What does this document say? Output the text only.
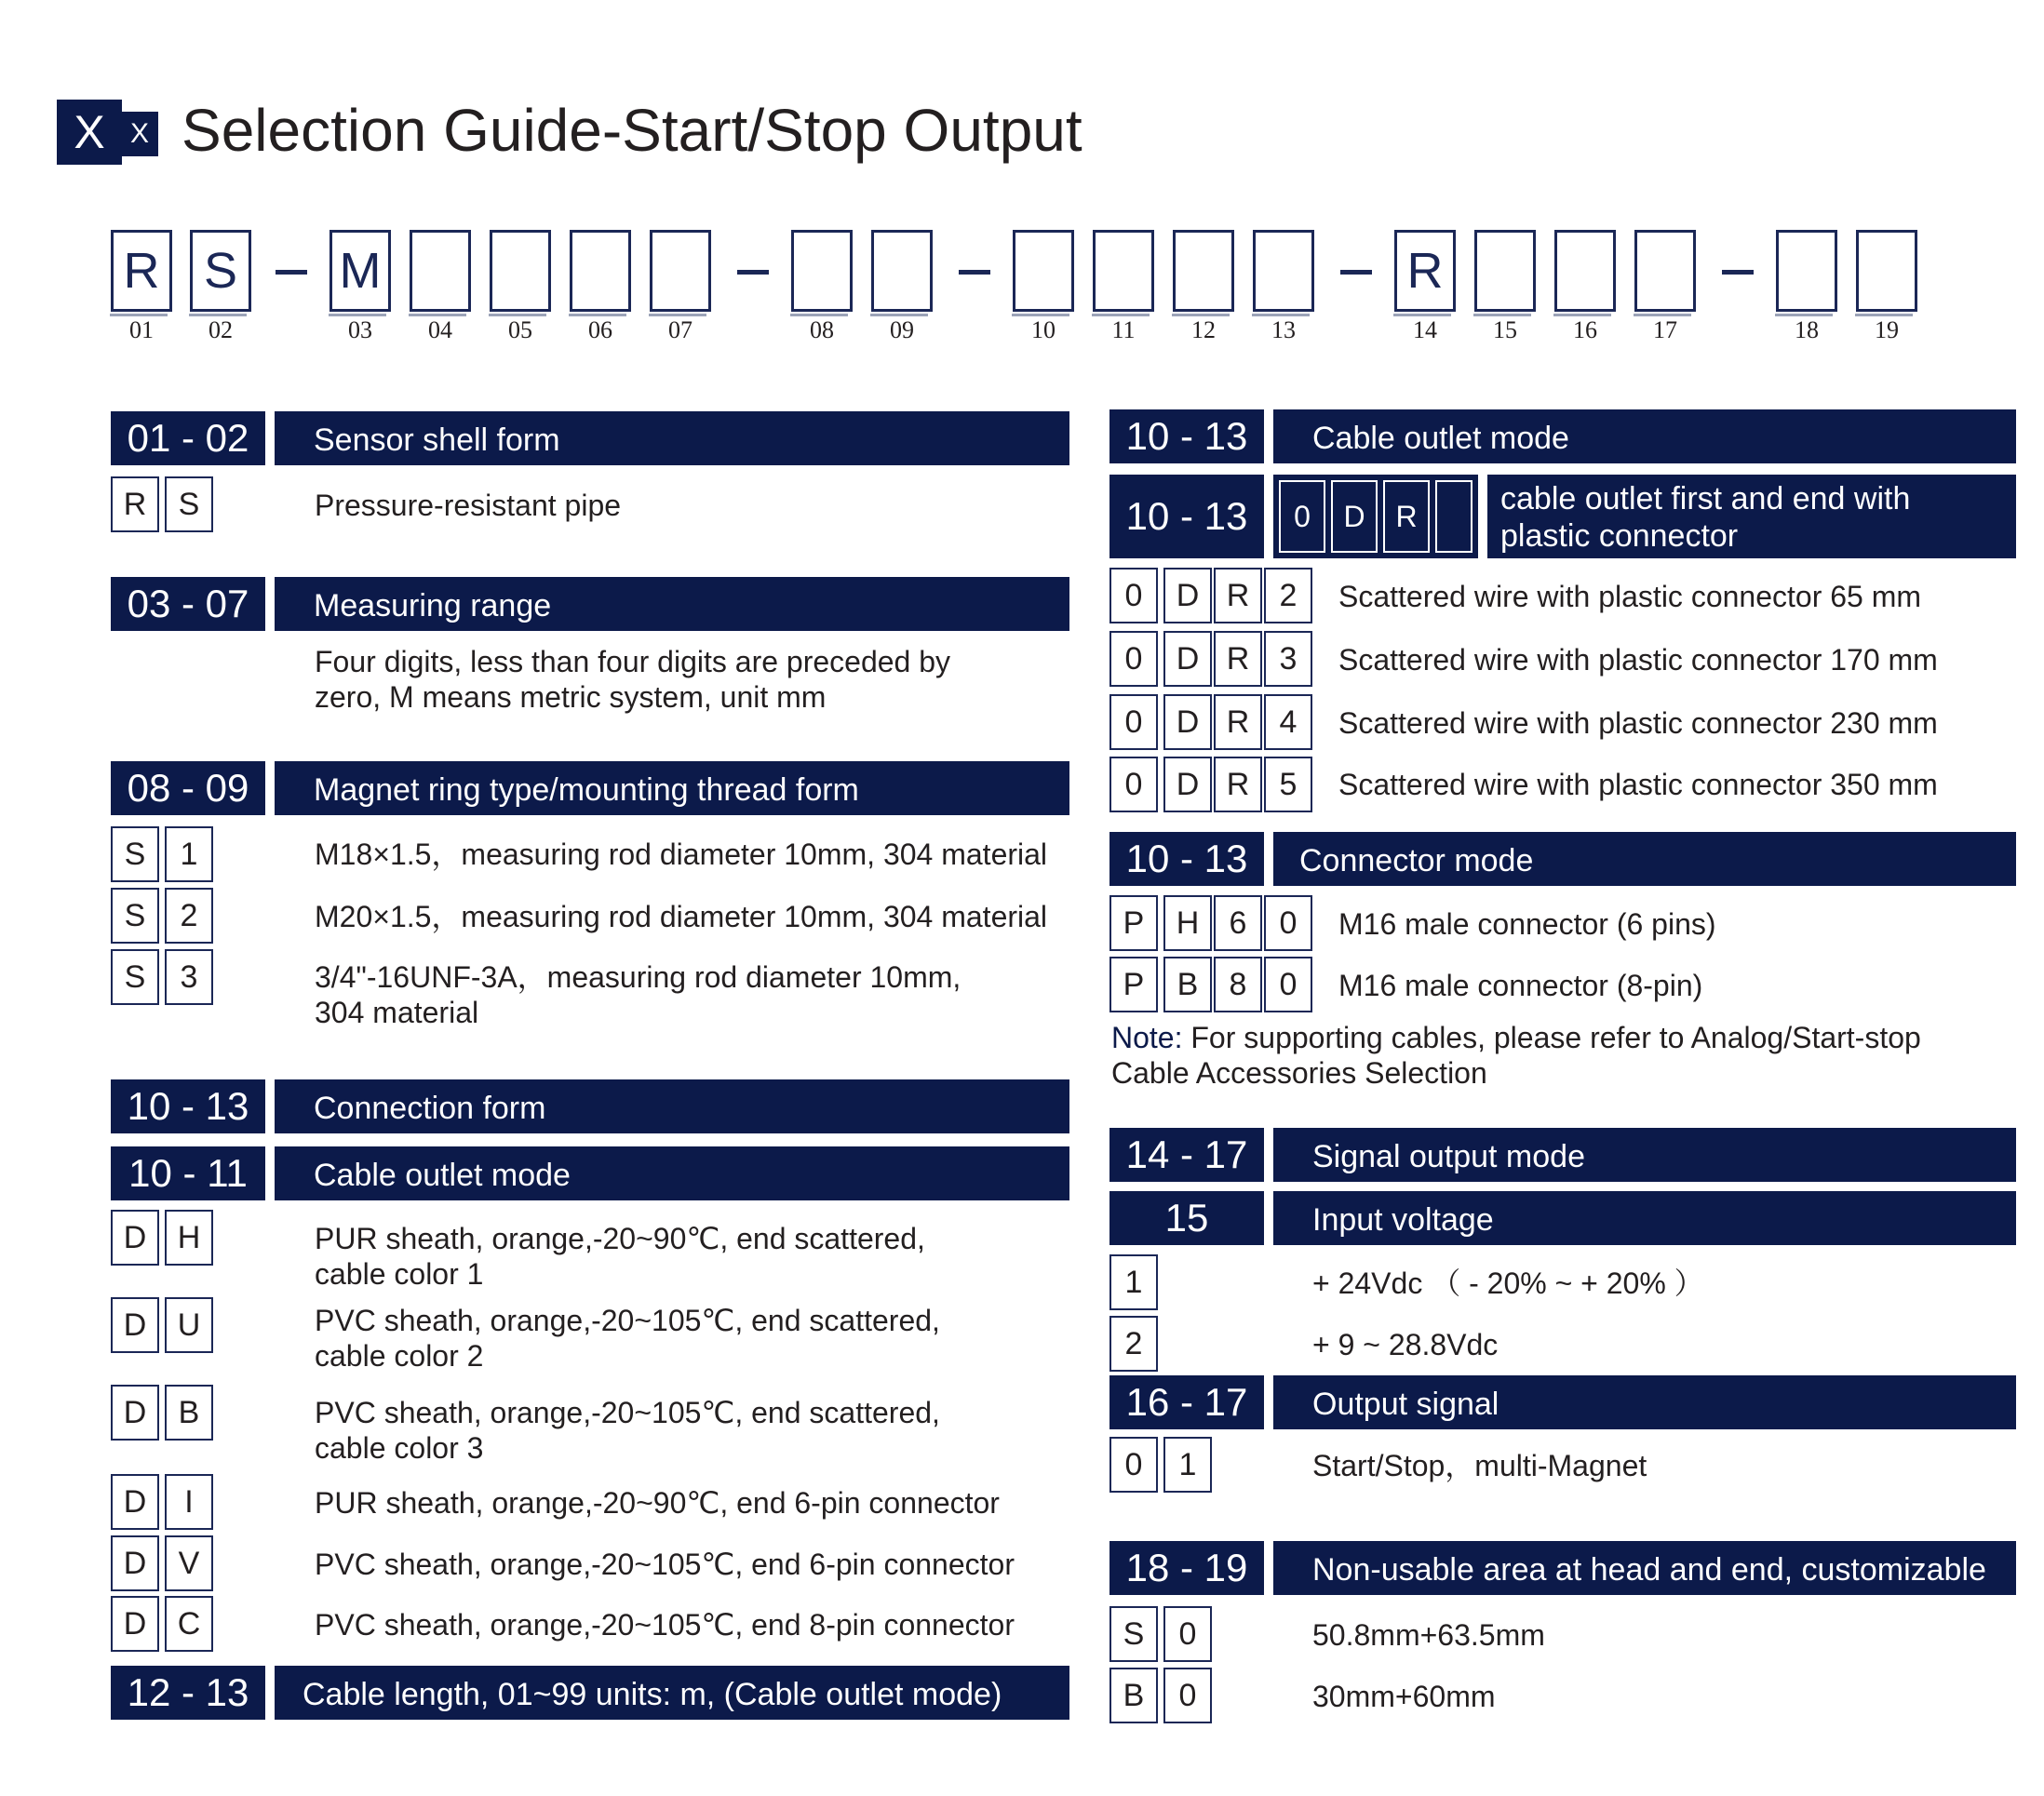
X X Selection Guide-Start/Stop Output
R S M	R
01	02	03	04	05	06	07	08	09	10	11	12	13	14	15	16	17	18	19
01 - 02	Sensor shell form
R	S	Pressure-resistant pipe
03 - 07	Measuring range
Four digits, less than four digits are preceded by
zero, M means metric system, unit mm
08 - 09	Magnet ring type/mounting thread form
S	1	M18×1.5，measuring rod diameter 10mm, 304 material
S	2	M20×1.5，measuring rod diameter 10mm, 304 material
S	3	3/4"-16UNF-3A，measuring rod diameter 10mm,
304 material
10 - 13	Connection form
10 - 11	Cable outlet mode
D H	PUR sheath, orange,-20~90℃, end scattered,
cable color 1
D U	PVC sheath, orange,-20~105℃, end scattered,
cable color 2
D	B	PVC sheath, orange,-20~105℃, end scattered,
cable color 3
D	I	PUR sheath, orange,-20~90℃, end 6-pin connector
D	V	PVC sheath, orange,-20~105℃, end 6-pin connector
D C	PVC sheath, orange,-20~105℃, end 8-pin connector
12 - 13	Cable length, 01~99 units: m, (Cable outlet mode)
10 - 13	Cable outlet mode
10 - 13	0	D	R	cable outlet first and end with
plastic connector
0	D R 2	Scattered wire with plastic connector 65 mm
0	D R 3	Scattered wire with plastic connector 170 mm
0	D R 4	Scattered wire with plastic connector 230 mm
0	D R 5	Scattered wire with plastic connector 350 mm
10 - 13	Connector mode
P	H 6	0	M16 male connector (6 pins)
P	B 8	0	M16 male connector (8-pin)
Note: For supporting cables, please refer to Analog/Start-stop
Cable Accessories Selection
14 - 17	Signal output mode
15	Input voltage
1	+ 24Vdc （ - 20% ~ + 20% ）
2	+ 9 ~ 28.8Vdc
16 - 17	Output signal
0	1	Start/Stop，multi-Magnet
18 - 19	Non-usable area at head and end, customizable
S	0	50.8mm+63.5mm
B	0	30mm+60mm
